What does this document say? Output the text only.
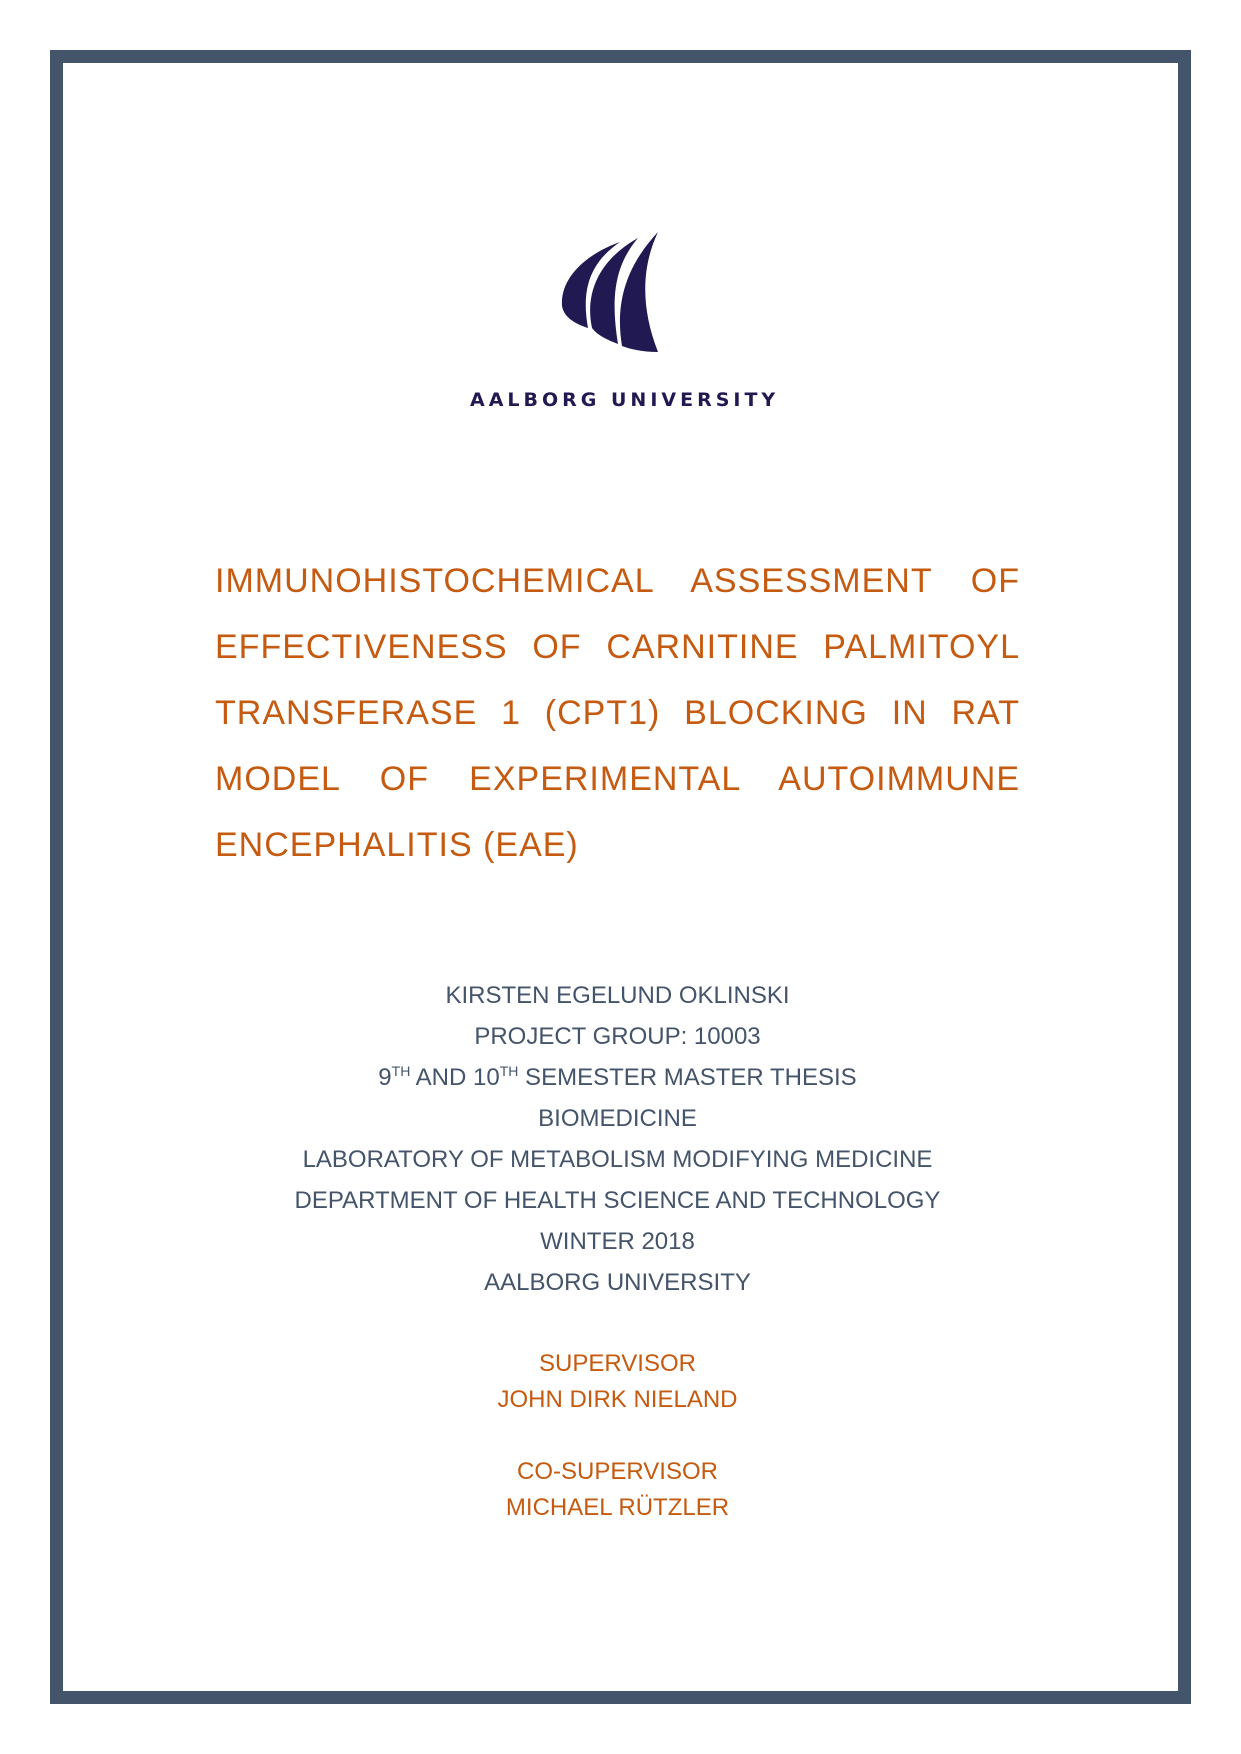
AALBORG UNIVERSITY
IMMUNOHISTOCHEMICAL ASSESSMENT OF EFFECTIVENESS OF CARNITINE PALMITOYL TRANSFERASE 1 (CPT1) BLOCKING IN RAT MODEL OF EXPERIMENTAL AUTOIMMUNE ENCEPHALITIS (EAE)
KIRSTEN EGELUND OKLINSKI
PROJECT GROUP: 10003
9TH AND 10TH SEMESTER MASTER THESIS
BIOMEDICINE
LABORATORY OF METABOLISM MODIFYING MEDICINE
DEPARTMENT OF HEALTH SCIENCE AND TECHNOLOGY
WINTER 2018
AALBORG UNIVERSITY
SUPERVISOR
JOHN DIRK NIELAND
CO-SUPERVISOR
MICHAEL RÜTZLER
